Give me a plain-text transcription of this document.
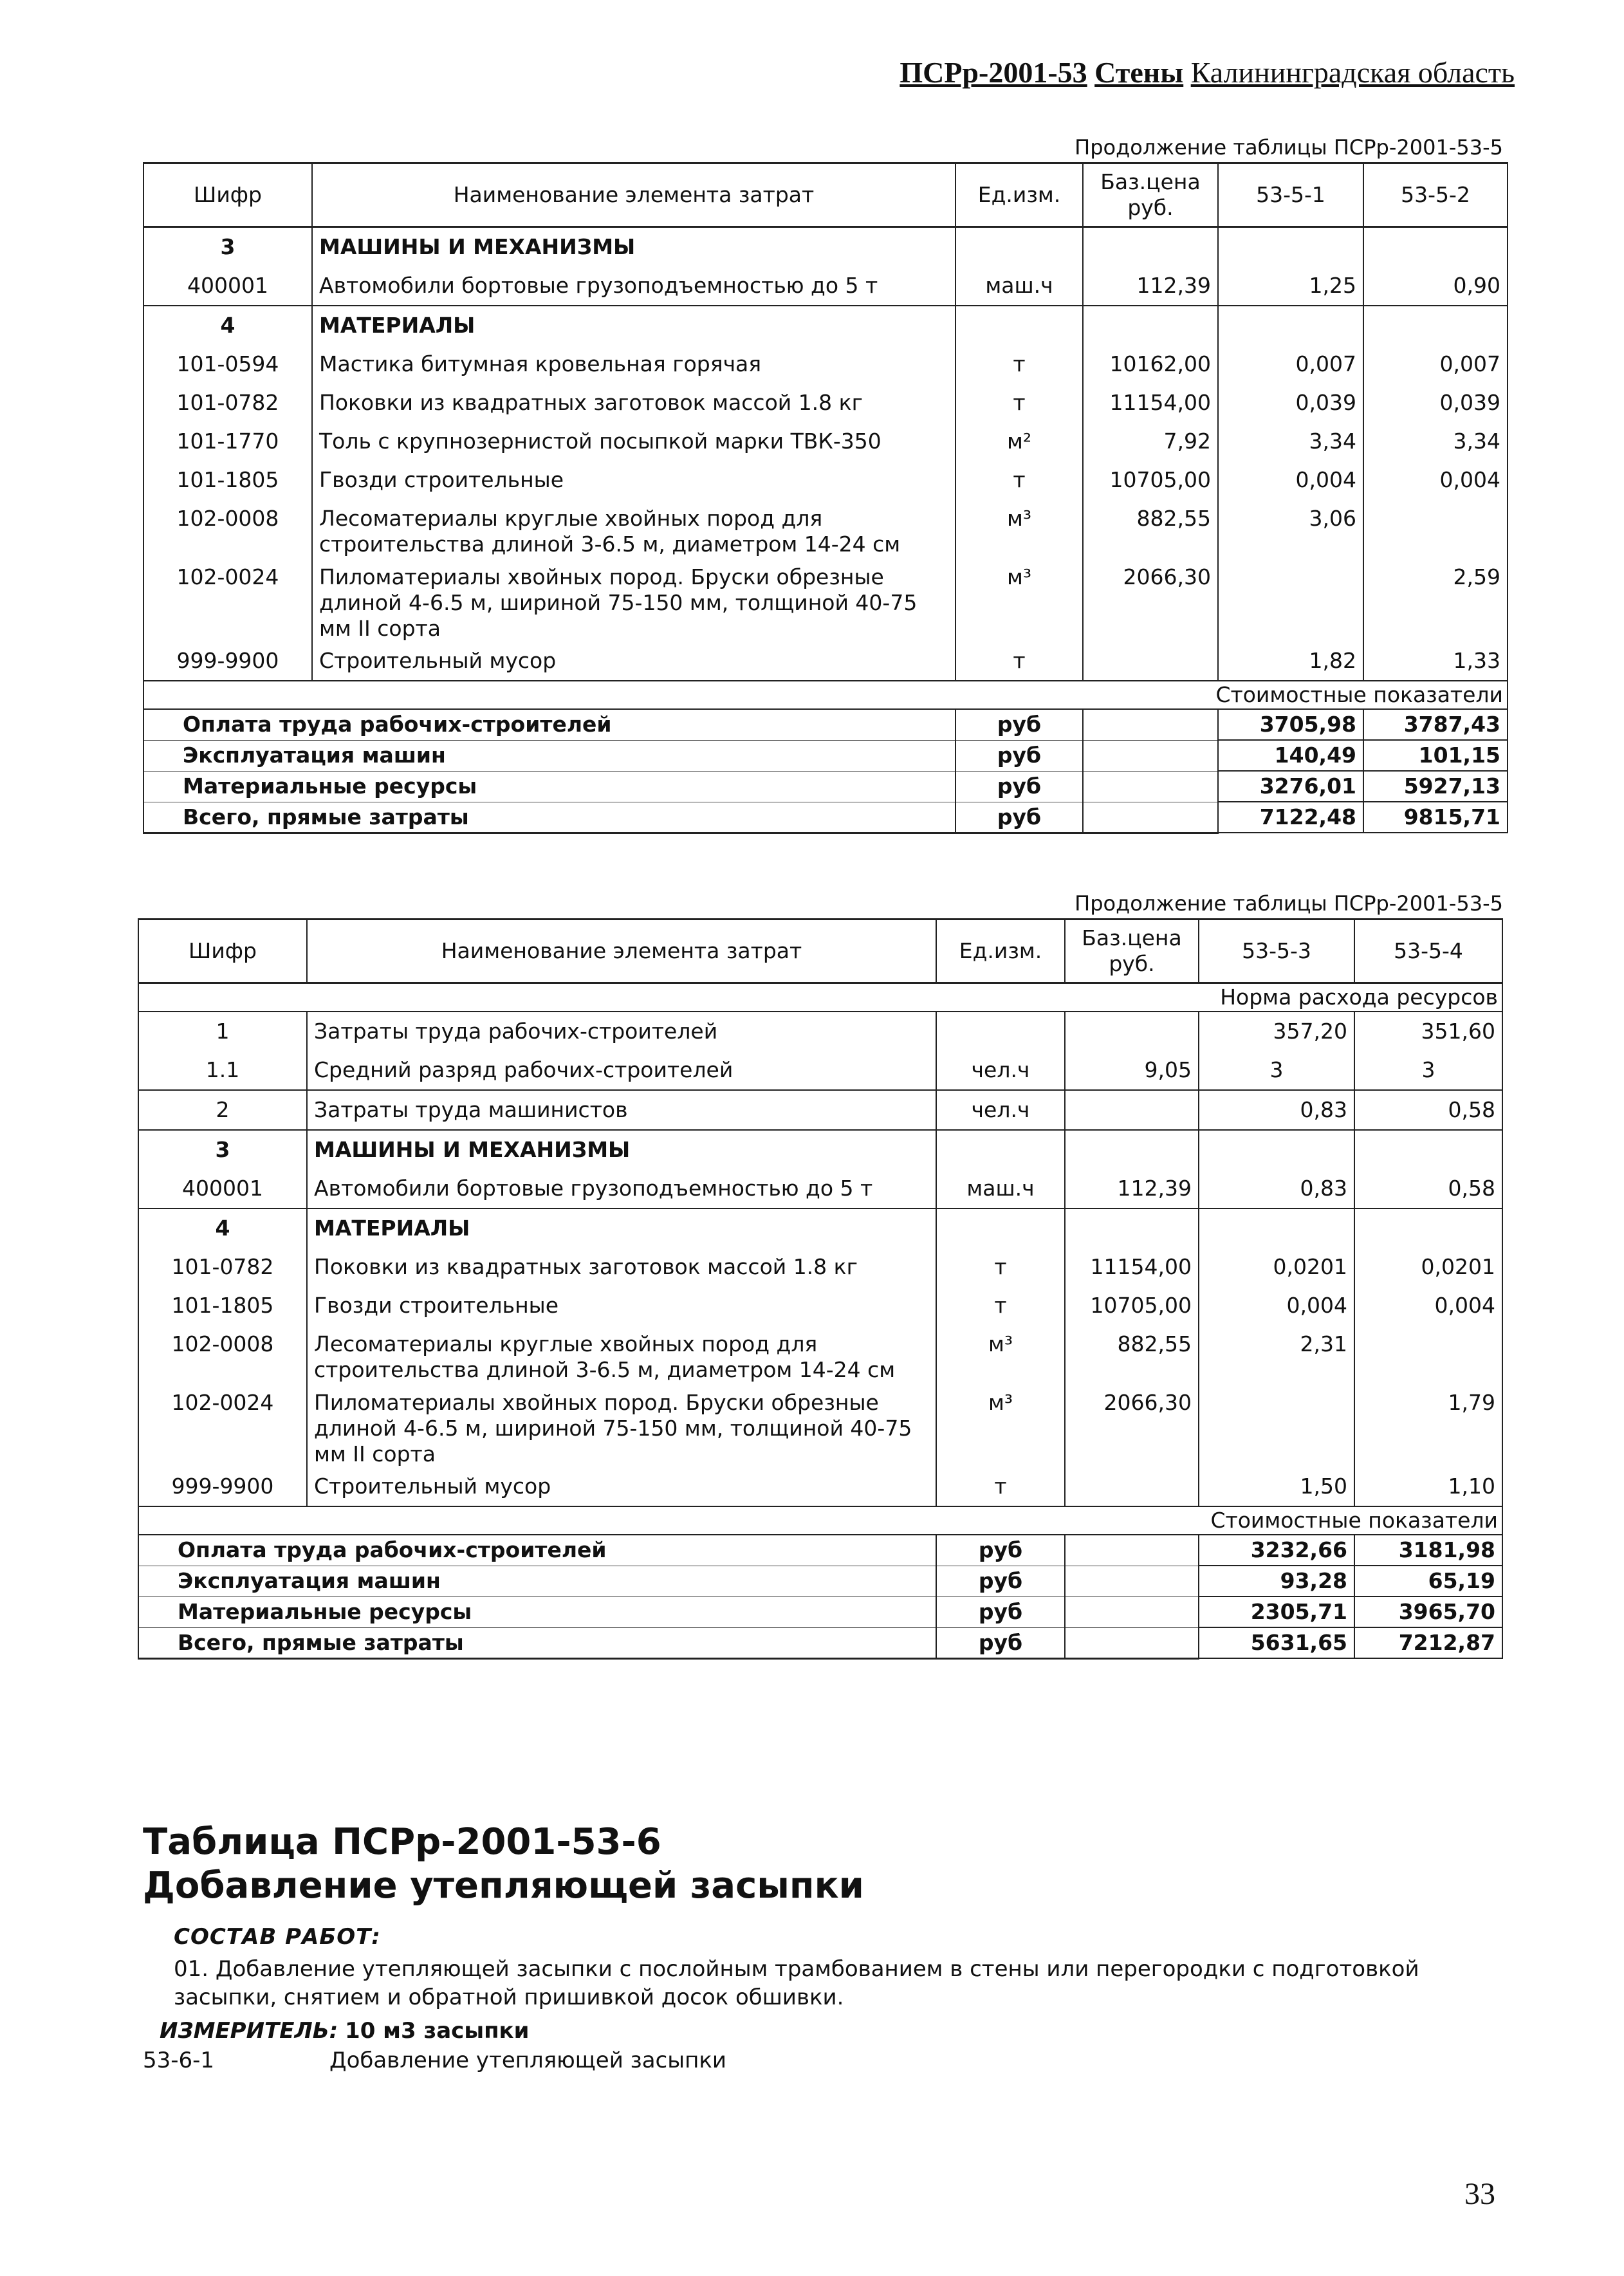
ПСРр-2001-53 Стены Калининградская область
Продолжение таблицы ПСРр-2001-53-5
Шифр	Наименование элемента затрат	Ед.изм.	Баз.цена руб.	53-5-1	53-5-2
3	МАШИНЫ И МЕХАНИЗМЫ				
400001	Автомобили бортовые грузоподъемностью до 5 т	маш.ч	112,39	1,25	0,90
4	МАТЕРИАЛЫ				
101-0594	Мастика битумная кровельная горячая	т	10162,00	0,007	0,007
101-0782	Поковки из квадратных заготовок массой 1.8 кг	т	11154,00	0,039	0,039
101-1770	Толь с крупнозернистой посыпкой марки ТВК-350	м²	7,92	3,34	3,34
101-1805	Гвозди строительные	т	10705,00	0,004	0,004
102-0008	Лесоматериалы круглые хвойных пород для строительства длиной 3-6.5 м, диаметром 14-24 см	м³	882,55	3,06	
102-0024	Пиломатериалы хвойных пород. Бруски обрезные длиной 4-6.5 м, шириной 75-150 мм, толщиной 40-75 мм II сорта	м³	2066,30		2,59
999-9900	Строительный мусор	т		1,82	1,33
Стоимостные показатели					
Оплата труда рабочих-строителей		руб		3705,98	3787,43
Эксплуатация машин		руб		140,49	101,15
Материальные ресурсы		руб		3276,01	5927,13
Всего, прямые затраты		руб		7122,48	9815,71
Продолжение таблицы ПСРр-2001-53-5
Шифр	Наименование элемента затрат	Ед.изм.	Баз.цена руб.	53-5-3	53-5-4
Норма расхода ресурсов					
1	Затраты труда рабочих-строителей			357,20	351,60
1.1	Средний разряд рабочих-строителей	чел.ч	9,05	3	3
2	Затраты труда машинистов	чел.ч		0,83	0,58
3	МАШИНЫ И МЕХАНИЗМЫ				
400001	Автомобили бортовые грузоподъемностью до 5 т	маш.ч	112,39	0,83	0,58
4	МАТЕРИАЛЫ				
101-0782	Поковки из квадратных заготовок массой 1.8 кг	т	11154,00	0,0201	0,0201
101-1805	Гвозди строительные	т	10705,00	0,004	0,004
102-0008	Лесоматериалы круглые хвойных пород для строительства длиной 3-6.5 м, диаметром 14-24 см	м³	882,55	2,31	
102-0024	Пиломатериалы хвойных пород. Бруски обрезные длиной 4-6.5 м, шириной 75-150 мм, толщиной 40-75 мм II сорта	м³	2066,30		1,79
999-9900	Строительный мусор	т		1,50	1,10
Стоимостные показатели					
Оплата труда рабочих-строителей		руб		3232,66	3181,98
Эксплуатация машин		руб		93,28	65,19
Материальные ресурсы		руб		2305,71	3965,70
Всего, прямые затраты		руб		5631,65	7212,87
Таблица ПСРр-2001-53-6
Добавление утепляющей засыпки
СОСТАВ РАБОТ:
01. Добавление утепляющей засыпки с послойным трамбованием в стены или перегородки с подготовкой засыпки, снятием и обратной пришивкой досок обшивки.
ИЗМЕРИТЕЛЬ: 10 м3 засыпки
53-6-1	Добавление утепляющей засыпки
33
